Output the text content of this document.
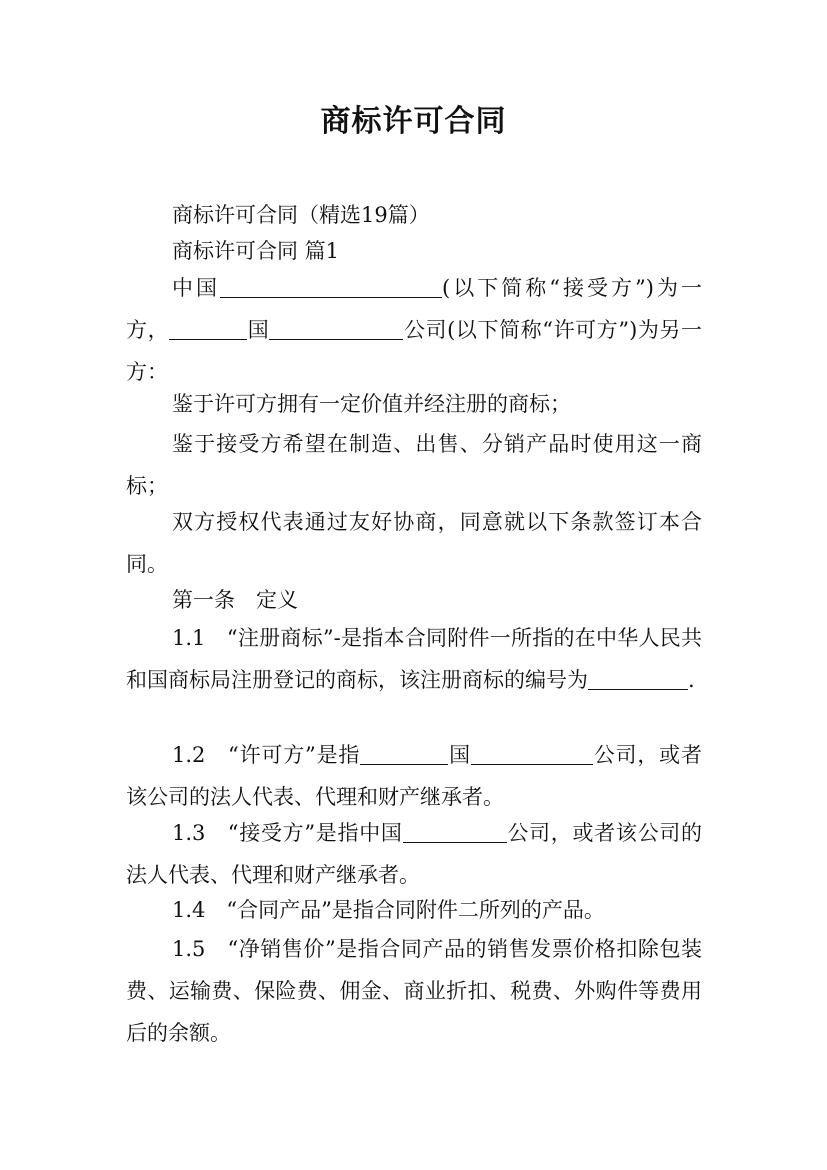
商标许可合同

商标许可合同（精选19篇）

商标许可合同 篇1

中国	(以下简称“接受方”)为一方，	国	公司(以下简称“许可方”)为另一方：

鉴于许可方拥有一定价值并经注册的商标；

鉴于接受方希望在制造、出售、分销产品时使用这一商标；

双方授权代表通过友好协商，同意就以下条款签订本合同。

第一条　定义

1.1　“注册商标”-是指本合同附件一所指的在中华人民共和国商标局注册登记的商标，该注册商标的编号为	.

1.2　“许可方”是指	国	公司，或者该公司的法人代表、代理和财产继承者。

1.3　“接受方”是指中国	公司，或者该公司的法人代表、代理和财产继承者。

1.4　“合同产品”是指合同附件二所列的产品。

1.5　“净销售价”是指合同产品的销售发票价格扣除包装费、运输费、保险费、佣金、商业折扣、税费、外购件等费用后的余额。
